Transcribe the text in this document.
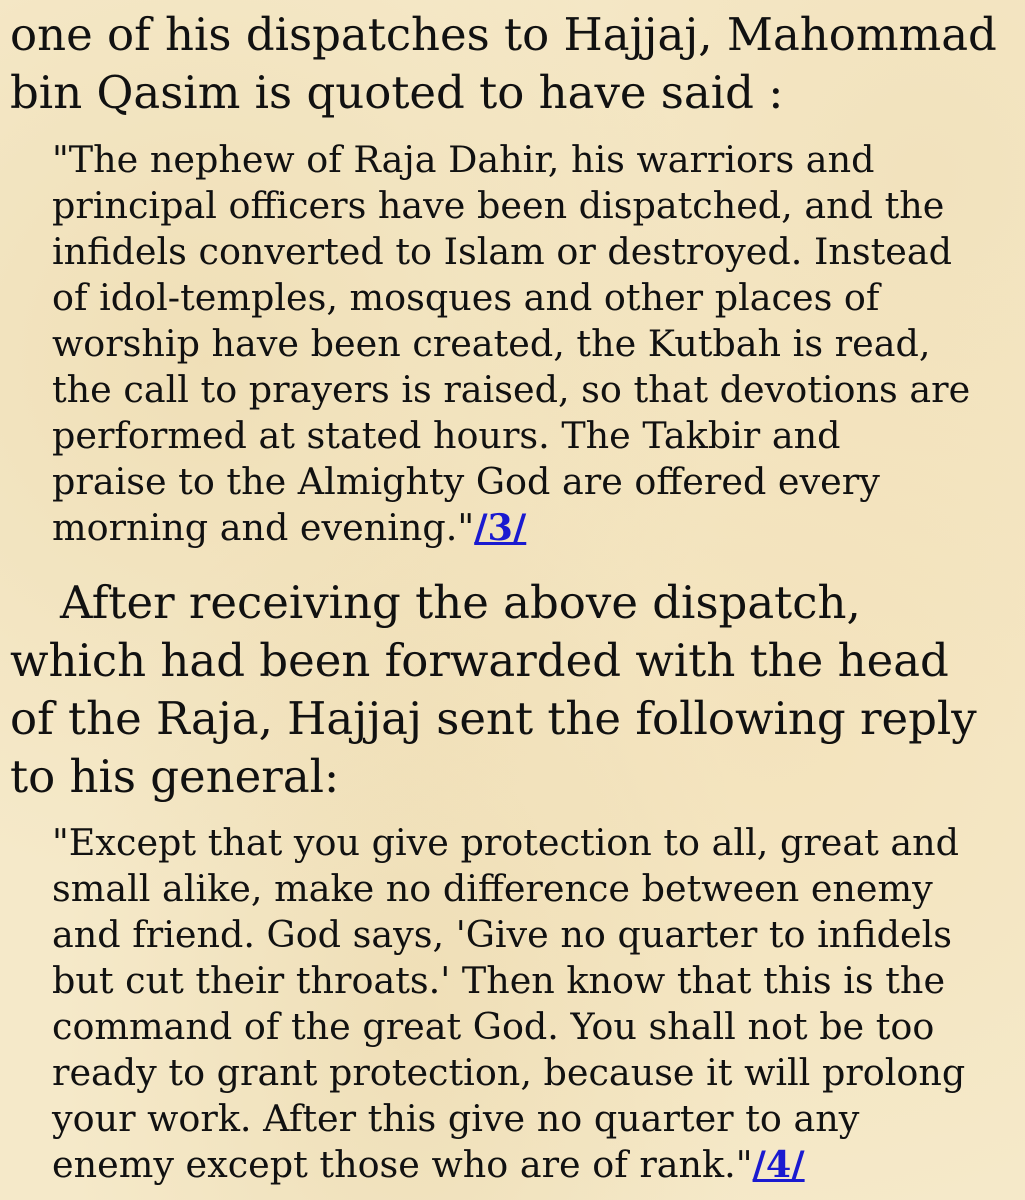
one of his dispatches to Hajjaj, Mahommad

bin Qasim is quoted to have said :

"The nephew of Raja Dahir, his warriors and

principal officers have been dispatched, and the

infidels converted to Islam or destroyed. Instead

of idol-temples, mosques and other places of

worship have been created, the Kutbah is read,

the call to prayers is raised, so that devotions are

performed at stated hours. The Takbir and

praise to the Almighty God are offered every

morning and evening."/3/

After receiving the above dispatch,

which had been forwarded with the head

of the Raja, Hajjaj sent the following reply

to his general:

"Except that you give protection to all, great and

small alike, make no difference between enemy

and friend. God says, 'Give no quarter to infidels

but cut their throats.' Then know that this is the

command of the great God. You shall not be too

ready to grant protection, because it will prolong

your work. After this give no quarter to any

enemy except those who are of rank."/4/
